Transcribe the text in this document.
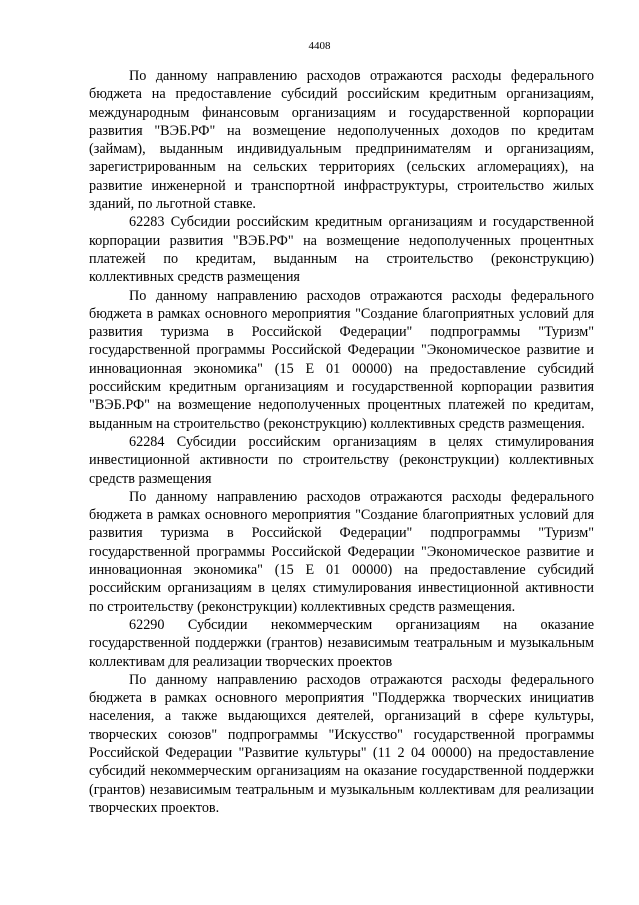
4408

По данному направлению расходов отражаются расходы федерального бюджета на предоставление субсидий российским кредитным организациям, международным финансовым организациям и государственной корпорации развития "ВЭБ.РФ" на возмещение недополученных доходов по кредитам (займам), выданным индивидуальным предпринимателям и организациям, зарегистрированным на сельских территориях (сельских агломерациях), на развитие инженерной и транспортной инфраструктуры, строительство жилых зданий, по льготной ставке.

62283 Субсидии российским кредитным организациям и государственной корпорации развития "ВЭБ.РФ" на возмещение недополученных процентных платежей по кредитам, выданным на строительство (реконструкцию) коллективных средств размещения

По данному направлению расходов отражаются расходы федерального бюджета в рамках основного мероприятия "Создание благоприятных условий для развития туризма в Российской Федерации" подпрограммы "Туризм" государственной программы Российской Федерации "Экономическое развитие и инновационная экономика" (15 Е 01 00000) на предоставление субсидий российским кредитным организациям и государственной корпорации развития "ВЭБ.РФ" на возмещение недополученных процентных платежей по кредитам, выданным на строительство (реконструкцию) коллективных средств размещения.

62284 Субсидии российским организациям в целях стимулирования инвестиционной активности по строительству (реконструкции) коллективных средств размещения

По данному направлению расходов отражаются расходы федерального бюджета в рамках основного мероприятия "Создание благоприятных условий для развития туризма в Российской Федерации" подпрограммы "Туризм" государственной программы Российской Федерации "Экономическое развитие и инновационная экономика" (15 Е 01 00000) на предоставление субсидий российским организациям в целях стимулирования инвестиционной активности по строительству (реконструкции) коллективных средств размещения.

62290 Субсидии некоммерческим организациям на оказание государственной поддержки (грантов) независимым театральным и музыкальным коллективам для реализации творческих проектов

По данному направлению расходов отражаются расходы федерального бюджета в рамках основного мероприятия "Поддержка творческих инициатив населения, а также выдающихся деятелей, организаций в сфере культуры, творческих союзов" подпрограммы "Искусство" государственной программы Российской Федерации "Развитие культуры" (11 2 04 00000) на предоставление субсидий некоммерческим организациям на оказание государственной поддержки (грантов) независимым театральным и музыкальным коллективам для реализации творческих проектов.
